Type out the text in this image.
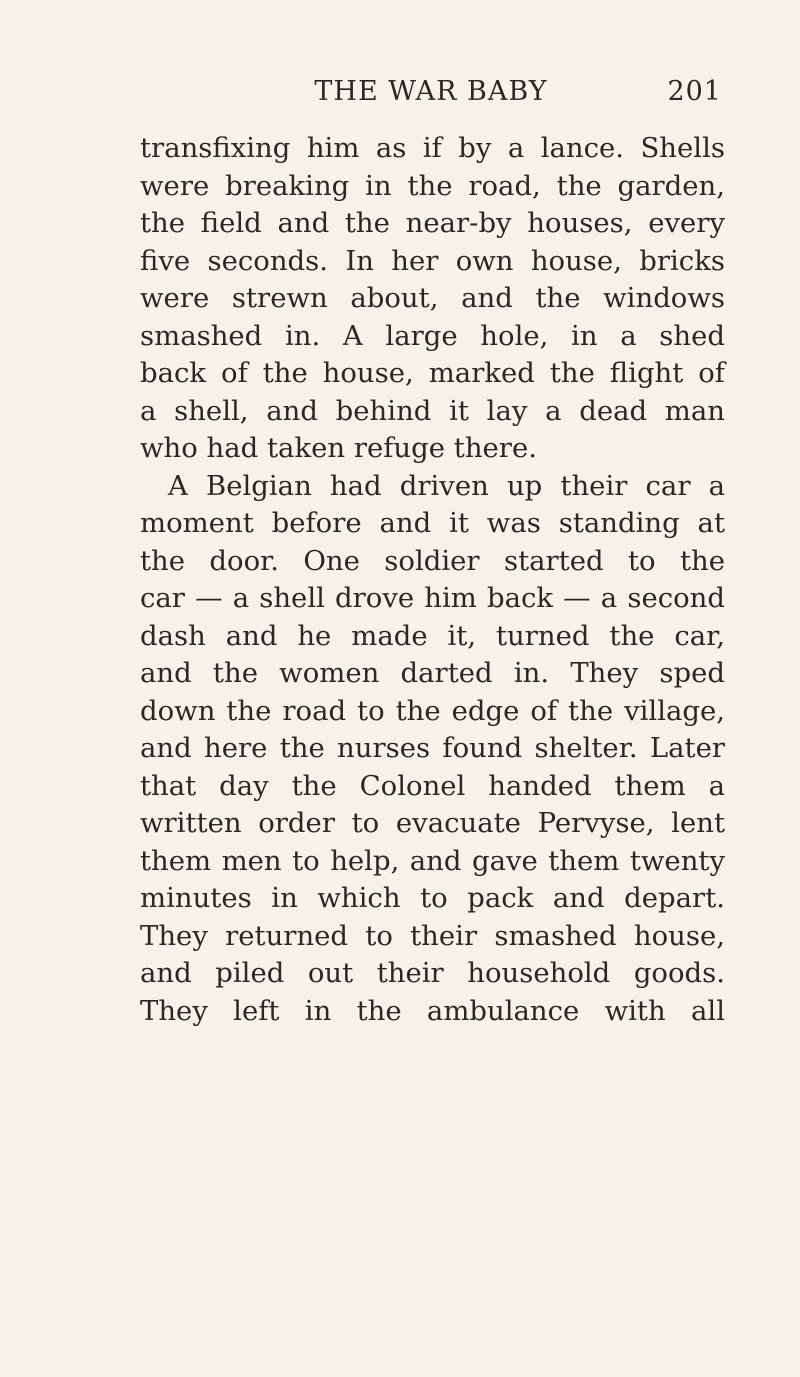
THE WAR BABY	201
transfixing him as if by a lance. Shells
were breaking in the road, the garden,
the field and the near-by houses, every
five seconds. In her own house, bricks
were strewn about, and the windows
smashed in. A large hole, in a shed
back of the house, marked the flight of
a shell, and behind it lay a dead man
who had taken refuge there.
A Belgian had driven up their car a
moment before and it was standing at
the door. One soldier started to the
car — a shell drove him back — a second
dash and he made it, turned the car,
and the women darted in. They sped
down the road to the edge of the village,
and here the nurses found shelter. Later
that day the Colonel handed them a
written order to evacuate Pervyse, lent
them men to help, and gave them twenty
minutes in which to pack and depart.
They returned to their smashed house,
and piled out their household goods.
They left in the ambulance with all
